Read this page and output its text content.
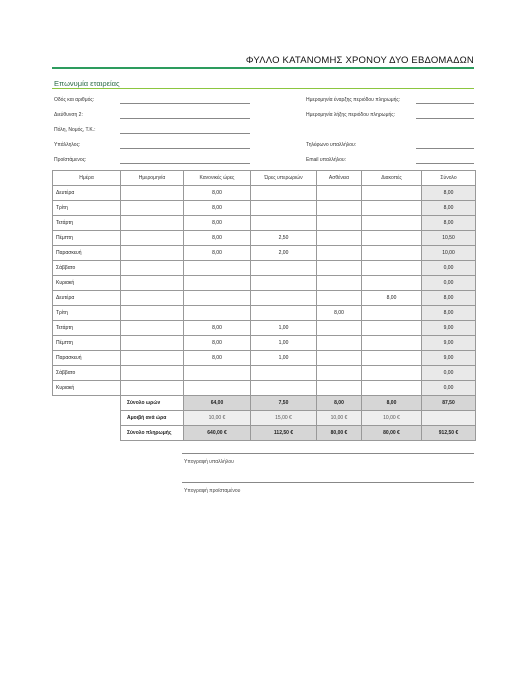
ΦΥΛΛΟ ΚΑΤΑΝΟΜΗΣ ΧΡΟΝΟΥ ΔΥΟ ΕΒΔΟΜΑΔΩΝ
Επωνυμία εταιρείας
Οδός και αριθμός:
Διεύθυνση 2:
Πόλη, Νομός, Τ.Κ.:
Υπάλληλος:
Προϊστάμενος:
Ημερομηνία έναρξης περιόδου πληρωμής:
Ημερομηνία λήξης περιόδου πληρωμής:
Τηλέφωνο υπαλλήλου:
Email υπαλλήλου:
Ημέρα	Ημερομηνία	Κανονικές ώρες	Ώρες υπερωριών	Ασθένεια	Διακοπές	Σύνολο
Δευτέρα		8,00				8,00
Τρίτη		8,00				8,00
Τετάρτη		8,00				8,00
Πέμπτη		8,00	2,50			10,50
Παρασκευή		8,00	2,00			10,00
Σάββατο						0,00
Κυριακή						0,00
Δευτέρα					8,00	8,00
Τρίτη				8,00		8,00
Τετάρτη		8,00	1,00			9,00
Πέμπτη		8,00	1,00			9,00
Παρασκευή		8,00	1,00			9,00
Σάββατο						0,00
Κυριακή						0,00
	Σύνολο ωρών	64,00	7,50	8,00	8,00	87,50
	Αμοιβή ανά ώρα	10,00 €	15,00 €	10,00 €	10,00 €	
	Σύνολο πληρωμής	640,00 €	112,50 €	80,00 €	80,00 €	912,50 €
Υπογραφή υπαλλήλου
Υπογραφή προϊσταμένου
